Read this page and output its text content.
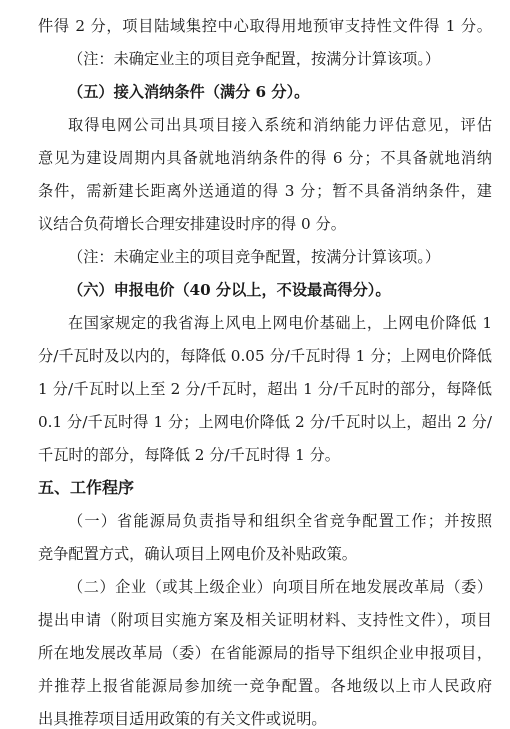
件得 2 分，项目陆域集控中心取得用地预审支持性文件得 1 分。
（注：未确定业主的项目竞争配置，按满分计算该项。）
（五）接入消纳条件（满分 6 分）。
取得电网公司出具项目接入系统和消纳能力评估意见，评估
意见为建设周期内具备就地消纳条件的得 6 分；不具备就地消纳
条件，需新建长距离外送通道的得 3 分；暂不具备消纳条件，建
议结合负荷增长合理安排建设时序的得 0 分。
（注：未确定业主的项目竞争配置，按满分计算该项。）
（六）申报电价（40 分以上，不设最高得分）。
在国家规定的我省海上风电上网电价基础上，上网电价降低 1
分/千瓦时及以内的，每降低 0.05 分/千瓦时得 1 分；上网电价降低
1 分/千瓦时以上至 2 分/千瓦时，超出 1 分/千瓦时的部分，每降低
0.1 分/千瓦时得 1 分；上网电价降低 2 分/千瓦时以上，超出 2 分/
千瓦时的部分，每降低 2 分/千瓦时得 1 分。
五、工作程序
（一）省能源局负责指导和组织全省竞争配置工作；并按照
竞争配置方式，确认项目上网电价及补贴政策。
（二）企业（或其上级企业）向项目所在地发展改革局（委）
提出申请（附项目实施方案及相关证明材料、支持性文件），项目
所在地发展改革局（委）在省能源局的指导下组织企业申报项目，
并推荐上报省能源局参加统一竞争配置。各地级以上市人民政府
出具推荐项目适用政策的有关文件或说明。
